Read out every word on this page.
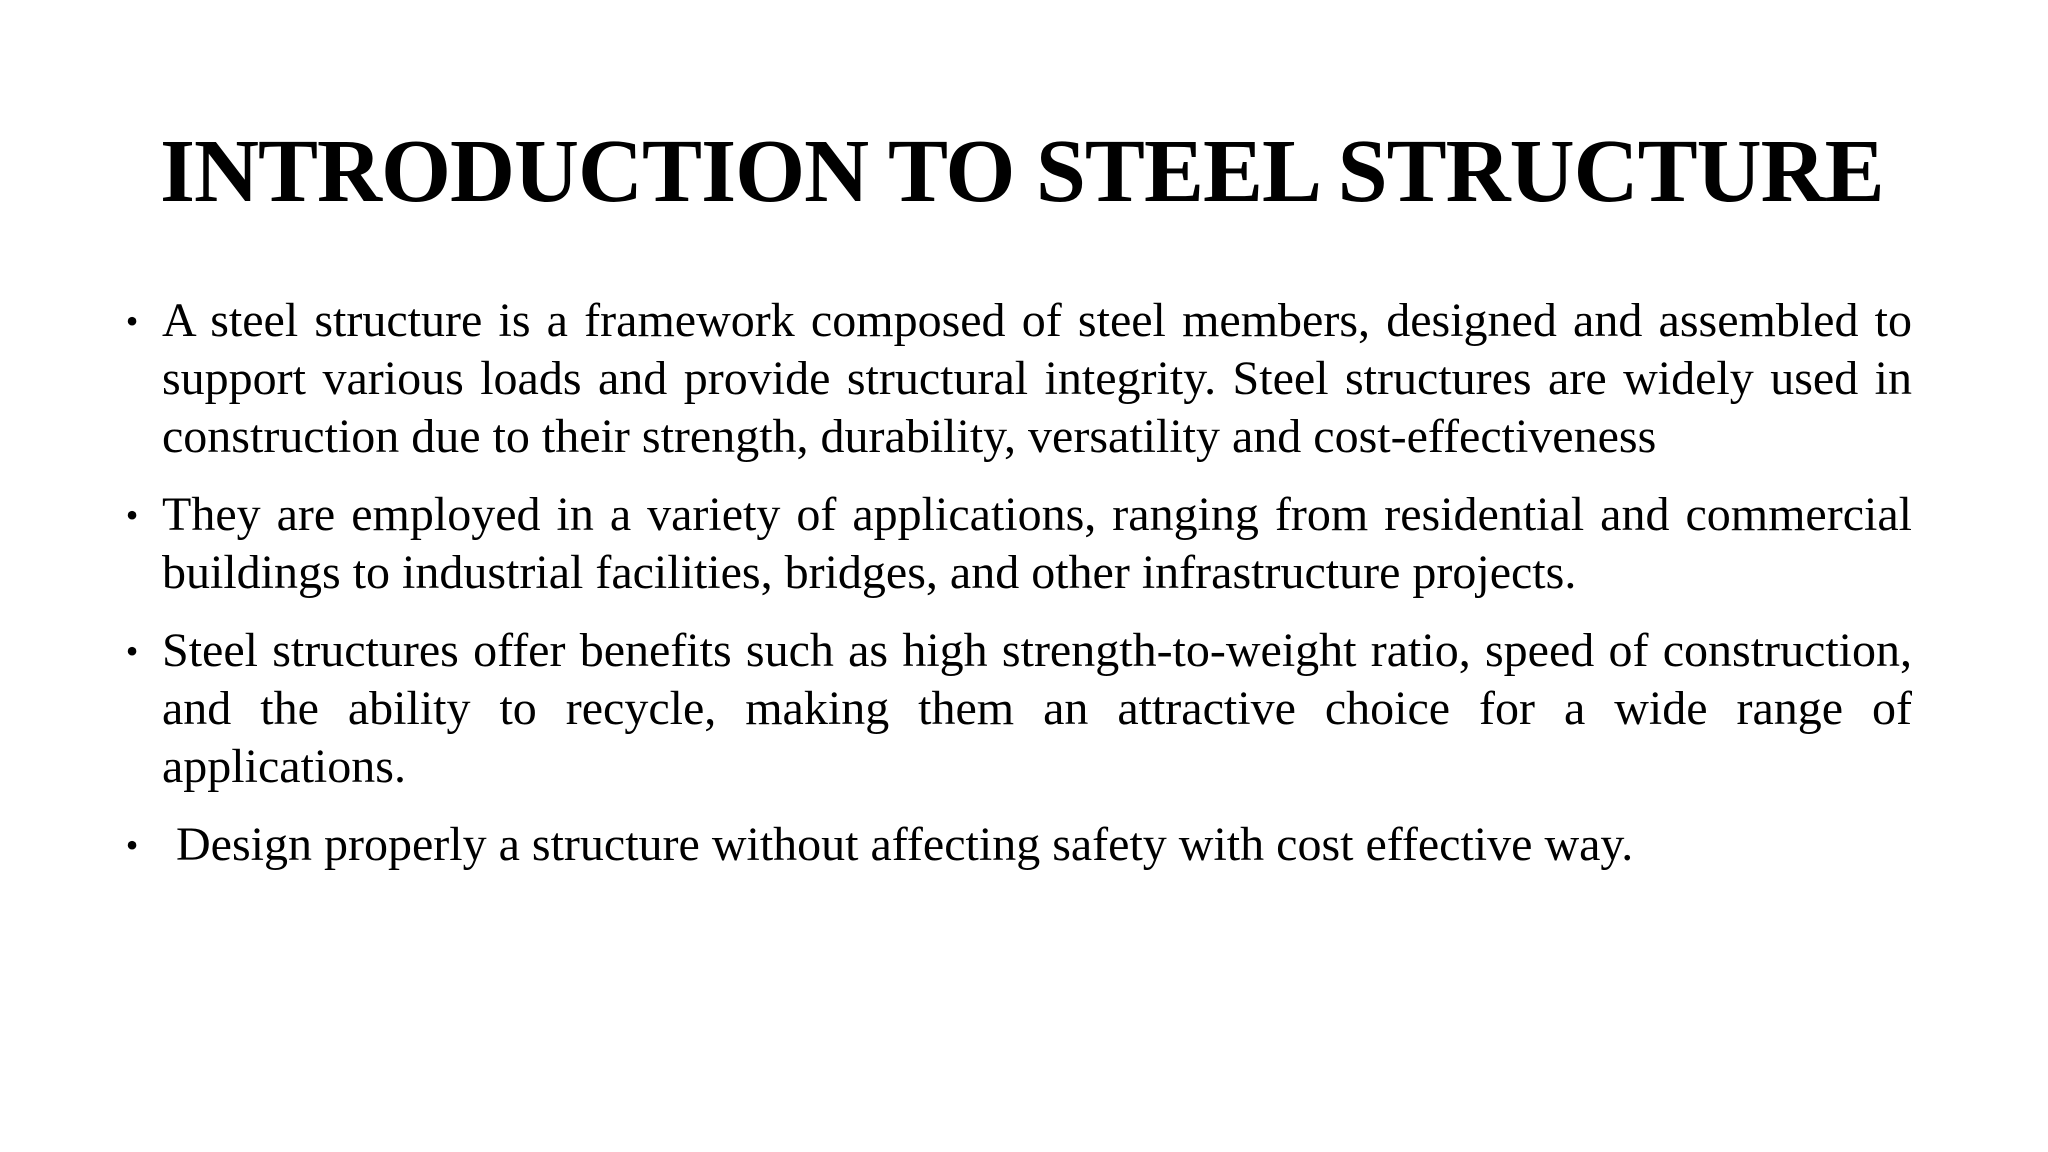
INTRODUCTION TO STEEL STRUCTURE
• A steel structure is a framework composed of steel members, designed and assembled to support various loads and provide structural integrity. Steel structures are widely used in construction due to their strength, durability, versatility and cost-effectiveness
• They are employed in a variety of applications, ranging from residential and commercial buildings to industrial facilities, bridges, and other infrastructure projects.
• Steel structures offer benefits such as high strength-to-weight ratio, speed of construction, and the ability to recycle, making them an attractive choice for a wide range of applications.
• Design properly a structure without affecting safety with cost effective way.
